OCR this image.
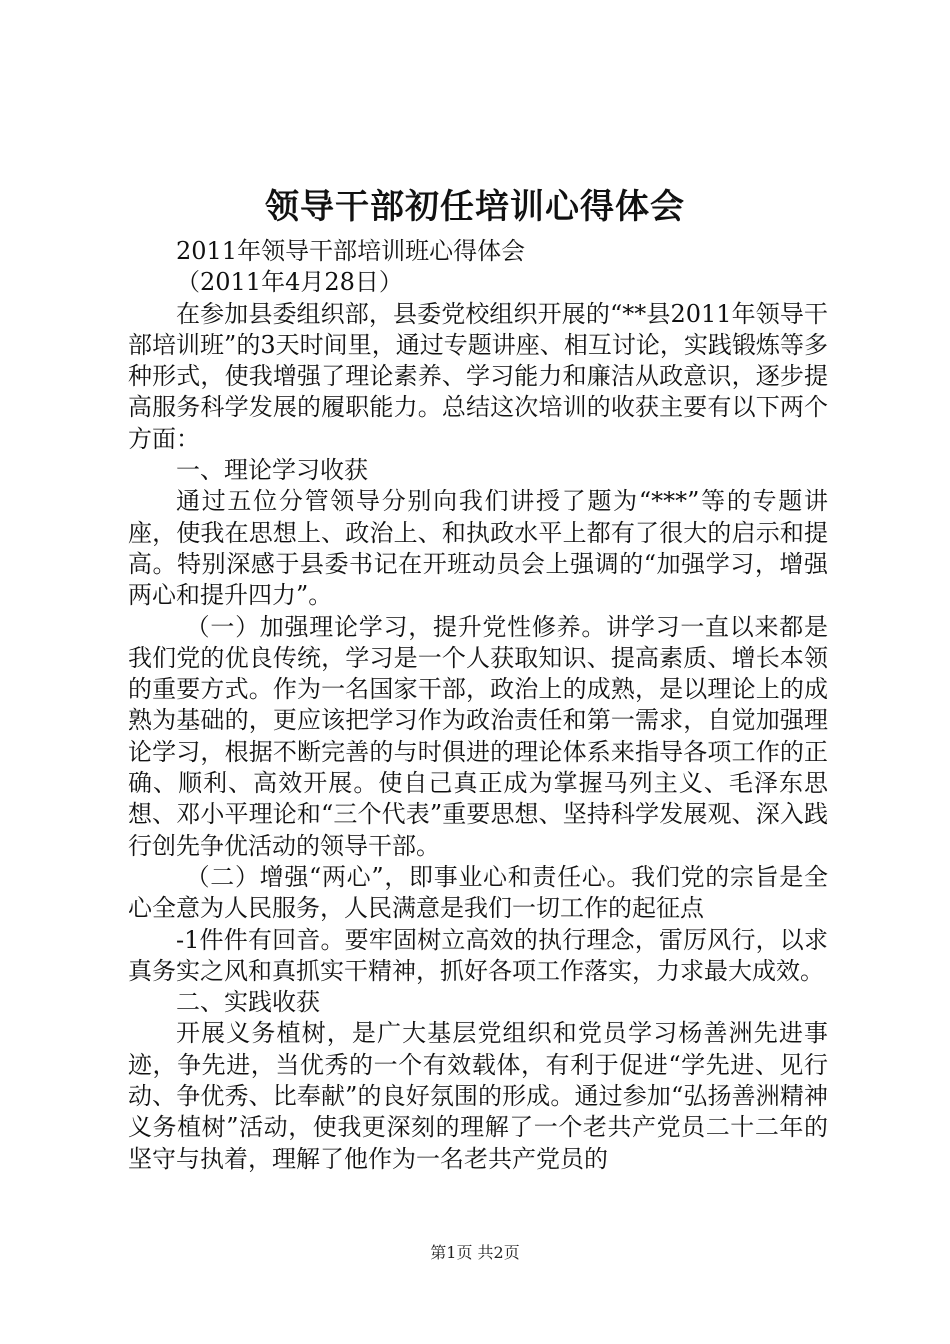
领导干部初任培训心得体会

2011年领导干部培训班心得体会

（2011年4月28日）

在参加县委组织部，县委党校组织开展的“**县2011年领导干部培训班”的3天时间里，通过专题讲座、相互讨论，实践锻炼等多种形式，使我增强了理论素养、学习能力和廉洁从政意识，逐步提高服务科学发展的履职能力。总结这次培训的收获主要有以下两个方面：

一、理论学习收获

通过五位分管领导分别向我们讲授了题为“***”等的专题讲座，使我在思想上、政治上、和执政水平上都有了很大的启示和提高。特别深感于县委书记在开班动员会上强调的“加强学习，增强两心和提升四力”。

（一）加强理论学习，提升党性修养。讲学习一直以来都是我们党的优良传统，学习是一个人获取知识、提高素质、增长本领的重要方式。作为一名国家干部，政治上的成熟，是以理论上的成熟为基础的，更应该把学习作为政治责任和第一需求，自觉加强理论学习，根据不断完善的与时俱进的理论体系来指导各项工作的正确、顺利、高效开展。使自己真正成为掌握马列主义、毛泽东思想、邓小平理论和“三个代表”重要思想、坚持科学发展观、深入践行创先争优活动的领导干部。

（二）增强“两心”，即事业心和责任心。我们党的宗旨是全心全意为人民服务，人民满意是我们一切工作的起征点

-1件件有回音。要牢固树立高效的执行理念，雷厉风行，以求真务实之风和真抓实干精神，抓好各项工作落实，力求最大成效。

二、实践收获

开展义务植树，是广大基层党组织和党员学习杨善洲先进事迹，争先进，当优秀的一个有效载体，有利于促进“学先进、见行动、争优秀、比奉献”的良好氛围的形成。通过参加“弘扬善洲精神义务植树”活动，使我更深刻的理解了一个老共产党员二十二年的坚守与执着，理解了他作为一名老共产党员的

第1页 共2页
